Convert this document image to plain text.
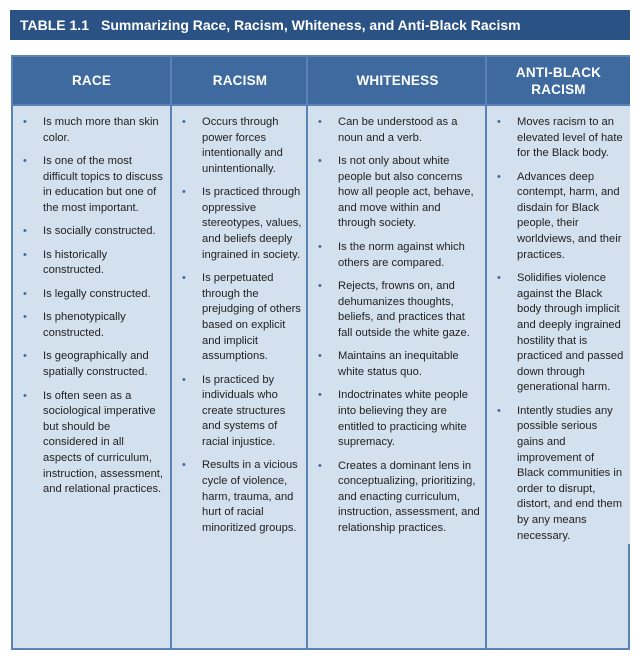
TABLE 1.1 Summarizing Race, Racism, Whiteness, and Anti-Black Racism
RACE
• Is much more than skin color.
• Is one of the most difficult topics to discuss in education but one of the most important.
• Is socially constructed.
• Is historically constructed.
• Is legally constructed.
• Is phenotypically constructed.
• Is geographically and spatially constructed.
• Is often seen as a sociological imperative but should be considered in all aspects of curriculum, instruction, assessment, and relational practices.
RACISM
• Occurs through power forces intentionally and unintentionally.
• Is practiced through oppressive stereotypes, values, and beliefs deeply ingrained in society.
• Is perpetuated through the prejudging of others based on explicit and implicit assumptions.
• Is practiced by individuals who create structures and systems of racial injustice.
• Results in a vicious cycle of violence, harm, trauma, and hurt of racial minoritized groups.
WHITENESS
• Can be understood as a noun and a verb.
• Is not only about white people but also concerns how all people act, behave, and move within and through society.
• Is the norm against which others are compared.
• Rejects, frowns on, and dehumanizes thoughts, beliefs, and practices that fall outside the white gaze.
• Maintains an inequitable white status quo.
• Indoctrinates white people into believing they are entitled to practicing white supremacy.
• Creates a dominant lens in conceptualizing, prioritizing, and enacting curriculum, instruction, assessment, and relationship practices.
ANTI-BLACK RACISM
• Moves racism to an elevated level of hate for the Black body.
• Advances deep contempt, harm, and disdain for Black people, their worldviews, and their practices.
• Solidifies violence against the Black body through implicit and deeply ingrained hostility that is practiced and passed down through generational harm.
• Intently studies any possible serious gains and improvement of Black communities in order to disrupt, distort, and end them by any means necessary.
